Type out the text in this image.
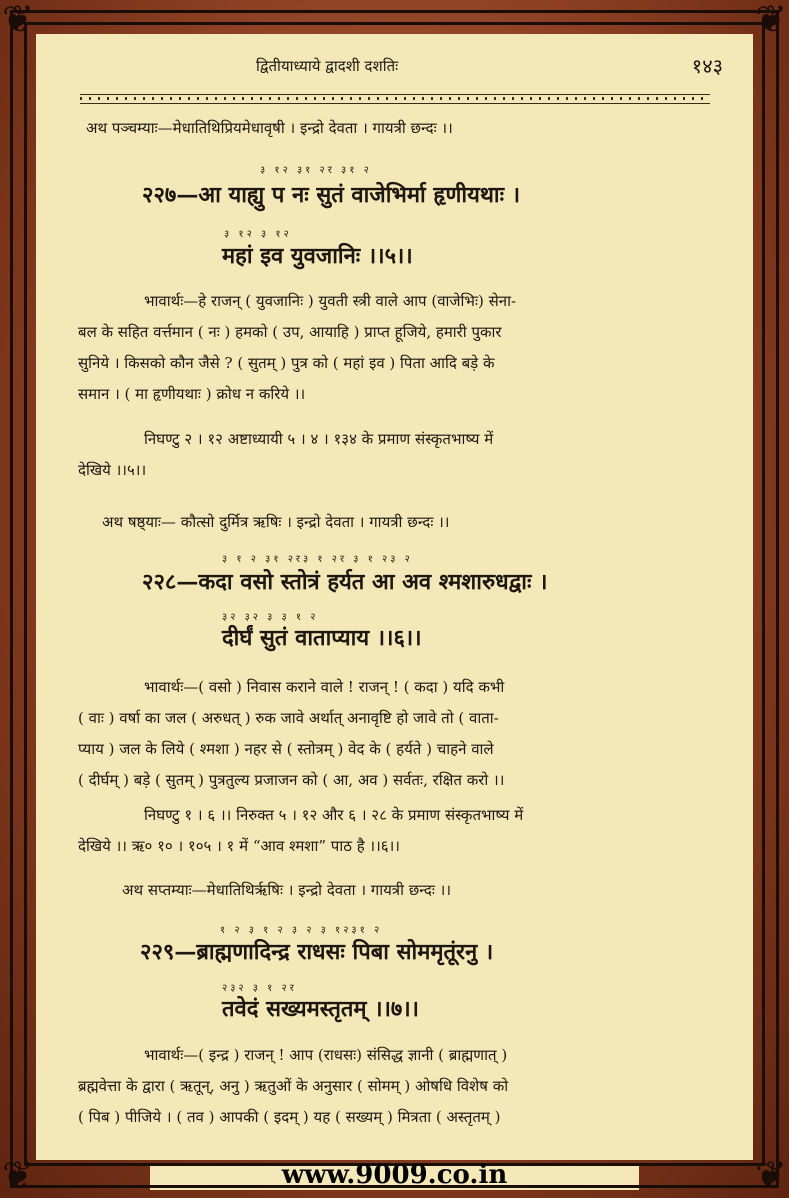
❦	❦
❦	❦
द्वितीयाध्याये द्वादशी दशतिः	१४३
अथ पञ्चम्याः—मेधातिथिप्रियमेधावृषी । इन्द्रो देवता । गायत्री छन्दः ।।
३ १२ ३१ २र ३१ २
२२७—आ याह्यु प नः सुतं वाजेभिर्मा हृणीयथाः ।
३ १२ ३ १२
महां इव युवजानिः ।।५।।
भावार्थः—हे राजन् ( युवजानिः ) युवती स्त्री वाले आप (वाजेभिः) सेना-
बल के सहित वर्त्तमान ( नः ) हमको ( उप, आयाहि ) प्राप्त हूजिये, हमारी पुकार
सुनिये । किसको कौन जैसे ? ( सुतम् ) पुत्र को ( महां इव ) पिता आदि बड़े के
समान । ( मा हृणीयथाः ) क्रोध न करिये ।।
निघण्टु २ । १२ अष्टाध्यायी ५ । ४ । १३४ के प्रमाण संस्कृतभाष्य में
देखिये ।।५।।
अथ षष्ठ्याः— कौत्सो दुर्मित्र ऋषिः । इन्द्रो देवता । गायत्री छन्दः ।।
३ १ २ ३१ २र३ १ २र ३ १ २३ २
२२८—कदा वसो स्तोत्रं हर्यत आ अव श्मशारुधद्वाः ।
३२ ३२ ३ ३ १ २
दीर्घं सुतं वाताप्याय ।।६।।
भावार्थः—( वसो ) निवास कराने वाले ! राजन् ! ( कदा ) यदि कभी
( वाः ) वर्षा का जल ( अरुधत् ) रुक जावे अर्थात् अनावृष्टि हो जावे तो ( वाता-
प्याय ) जल के लिये ( श्मशा ) नहर से ( स्तोत्रम् ) वेद के ( हर्यते ) चाहने वाले
( दीर्घम् ) बड़े ( सुतम् ) पुत्रतुल्य प्रजाजन को ( आ, अव ) सर्वतः, रक्षित करो ।।
निघण्टु १ । ६ ।। निरुक्त ५ । १२ और ६ । २८ के प्रमाण संस्कृतभाष्य में
देखिये ।। ऋ० १० । १०५ । १ में “आव श्मशा” पाठ है ।।६।।
अथ सप्तम्याः—मेधातिथिर्ऋषिः । इन्द्रो देवता । गायत्री छन्दः ।।
१ २ ३ १ २ ३ २ ३ १२३१ २
२२९—ब्राह्मणादिन्द्र राधसः पिबा सोममृतूंरनु ।
२३२ ३ १ २र
तवेदं सख्यमस्तृतम् ।।७।।
भावार्थः—( इन्द्र ) राजन् ! आप (राधसः) संसिद्ध ज्ञानी ( ब्राह्मणात् )
ब्रह्मवेत्ता के द्वारा ( ऋतून्, अनु ) ऋतुओं के अनुसार ( सोमम् ) ओषधि विशेष को
( पिब ) पीजिये । ( तव ) आपकी ( इदम् ) यह ( सख्यम् ) मित्रता ( अस्तृतम् )
www.9009.co.in
